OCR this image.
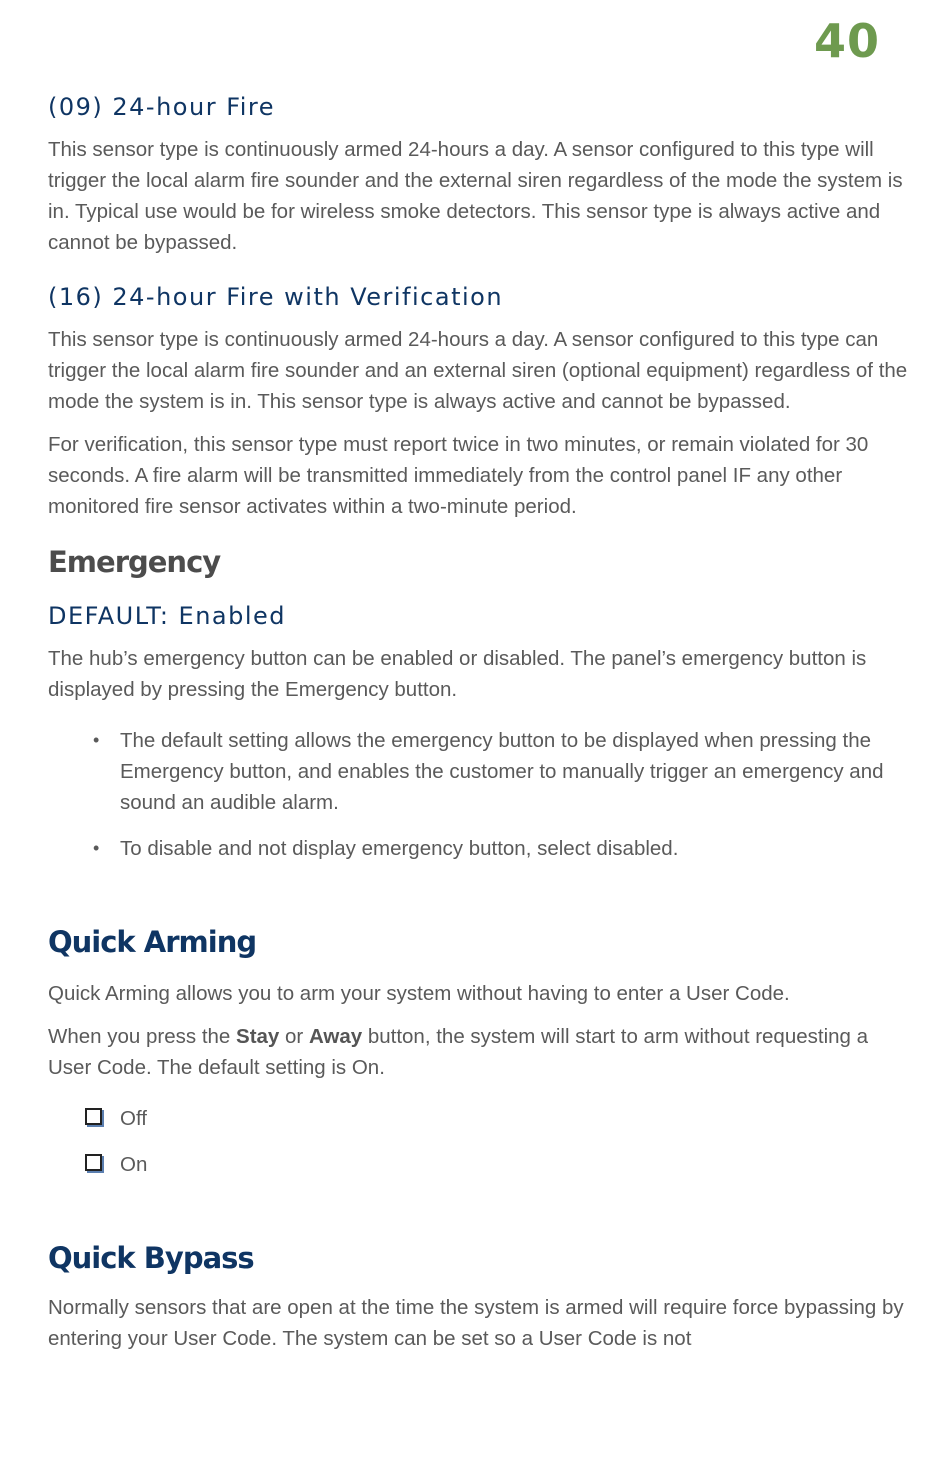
40
(09) 24-hour Fire

This sensor type is continuously armed 24-hours a day. A sensor configured to this type will trigger the local alarm fire sounder and the external siren regardless of the mode the system is in. Typical use would be for wireless smoke detectors. This sensor type is always active and cannot be bypassed.

(16) 24-hour Fire with Verification

This sensor type is continuously armed 24-hours a day. A sensor configured to this type can trigger the local alarm fire sounder and an external siren (optional equipment) regardless of the mode the system is in. This sensor type is always active and cannot be bypassed.

For verification, this sensor type must report twice in two minutes, or remain violated for 30 seconds. A fire alarm will be transmitted immediately from the control panel IF any other monitored fire sensor activates within a two-minute period.

Emergency
DEFAULT: Enabled

The hub’s emergency button can be enabled or disabled. The panel’s emergency button is displayed by pressing the Emergency button.

• The default setting allows the emergency button to be displayed when pressing the Emergency button, and enables the customer to manually trigger an emergency and sound an audible alarm.
• To disable and not display emergency button, select disabled.
Quick Arming

Quick Arming allows you to arm your system without having to enter a User Code.

When you press the Stay or Away button, the system will start to arm without requesting a User Code. The default setting is On.

Off
On
Quick Bypass

Normally sensors that are open at the time the system is armed will require force bypassing by entering your User Code. The system can be set so a User Code is not
